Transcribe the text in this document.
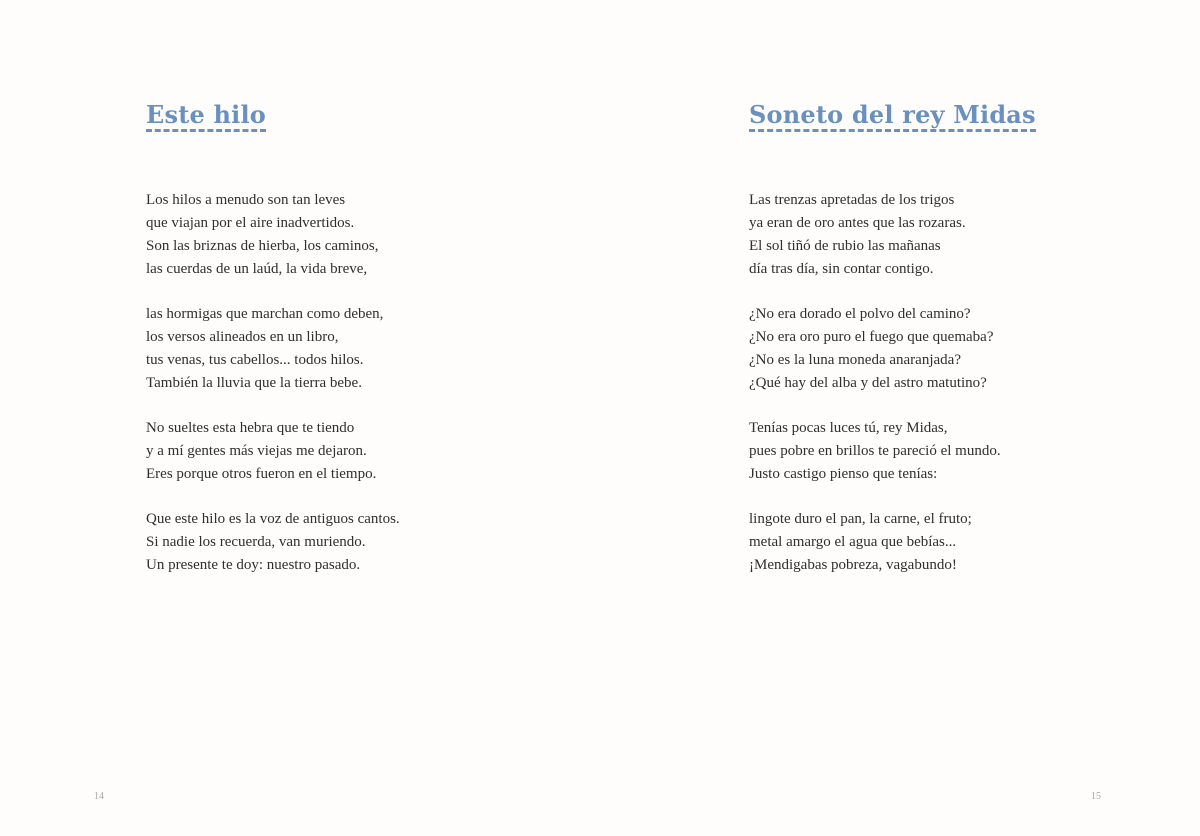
Este hilo

Los hilos a menudo son tan leves
que viajan por el aire inadvertidos.
Son las briznas de hierba, los caminos,
las cuerdas de un laúd, la vida breve,

las hormigas que marchan como deben,
los versos alineados en un libro,
tus venas, tus cabellos... todos hilos.
También la lluvia que la tierra bebe.

No sueltes esta hebra que te tiendo
y a mí gentes más viejas me dejaron.
Eres porque otros fueron en el tiempo.

Que este hilo es la voz de antiguos cantos.
Si nadie los recuerda, van muriendo.
Un presente te doy: nuestro pasado.

14
Soneto del rey Midas

Las trenzas apretadas de los trigos
ya eran de oro antes que las rozaras.
El sol tiñó de rubio las mañanas
día tras día, sin contar contigo.

¿No era dorado el polvo del camino?
¿No era oro puro el fuego que quemaba?
¿No es la luna moneda anaranjada?
¿Qué hay del alba y del astro matutino?

Tenías pocas luces tú, rey Midas,
pues pobre en brillos te pareció el mundo.
Justo castigo pienso que tenías:

lingote duro el pan, la carne, el fruto;
metal amargo el agua que bebías...
¡Mendigabas pobreza, vagabundo!

15
